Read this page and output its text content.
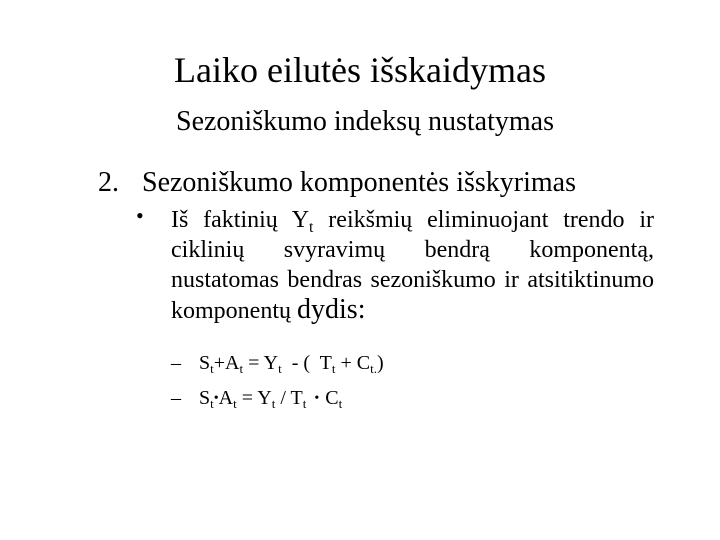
Laiko eilutės išskaidymas
Sezoniškumo indeksų nustatymas
2. Sezoniškumo komponentės išskyrimas
• Iš faktinių $Y_t$ reikšmių eliminuojant trendo ir ciklinių svyravimų bendrą komponentą, nustatomas bendras sezoniškumo ir atsitiktinumo komponentų dydis:
– $S_t+A_t = Y_t$  - (  $T_t + C_{t.}$)
– $S_t•A_t = Y_t / T_t$ • $C_t$
